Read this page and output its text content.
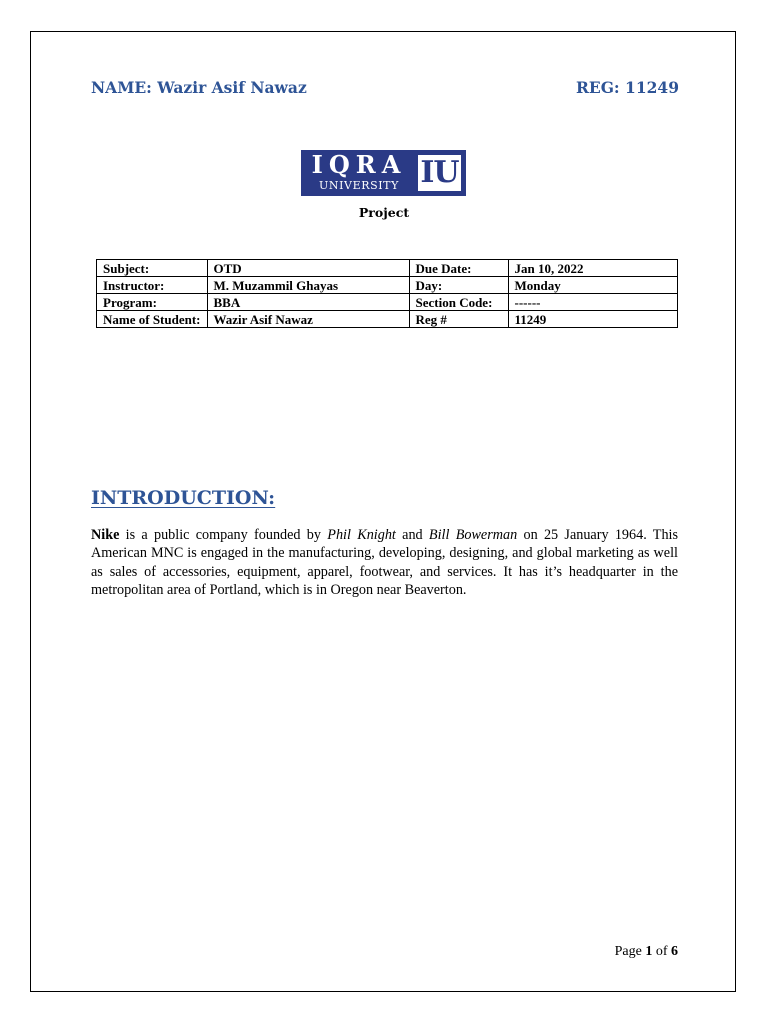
NAME: Wazir Asif Nawaz	REG: 11249
IQRA
UNIVERSITY IU
Project
Subject:	OTD	Due Date:	Jan 10, 2022
Instructor:	M. Muzammil Ghayas	Day:	Monday
Program:	BBA	Section Code:	------
Name of Student:	Wazir Asif Nawaz	Reg #	11249
INTRODUCTION:
Nike is a public company founded by Phil Knight and Bill Bowerman on 25 January 1964. This American MNC is engaged in the manufacturing, developing, designing, and global marketing as well as sales of accessories, equipment, apparel, footwear, and services. It has it’s headquarter in the metropolitan area of Portland, which is in Oregon near Beaverton.
Page 1 of 6
